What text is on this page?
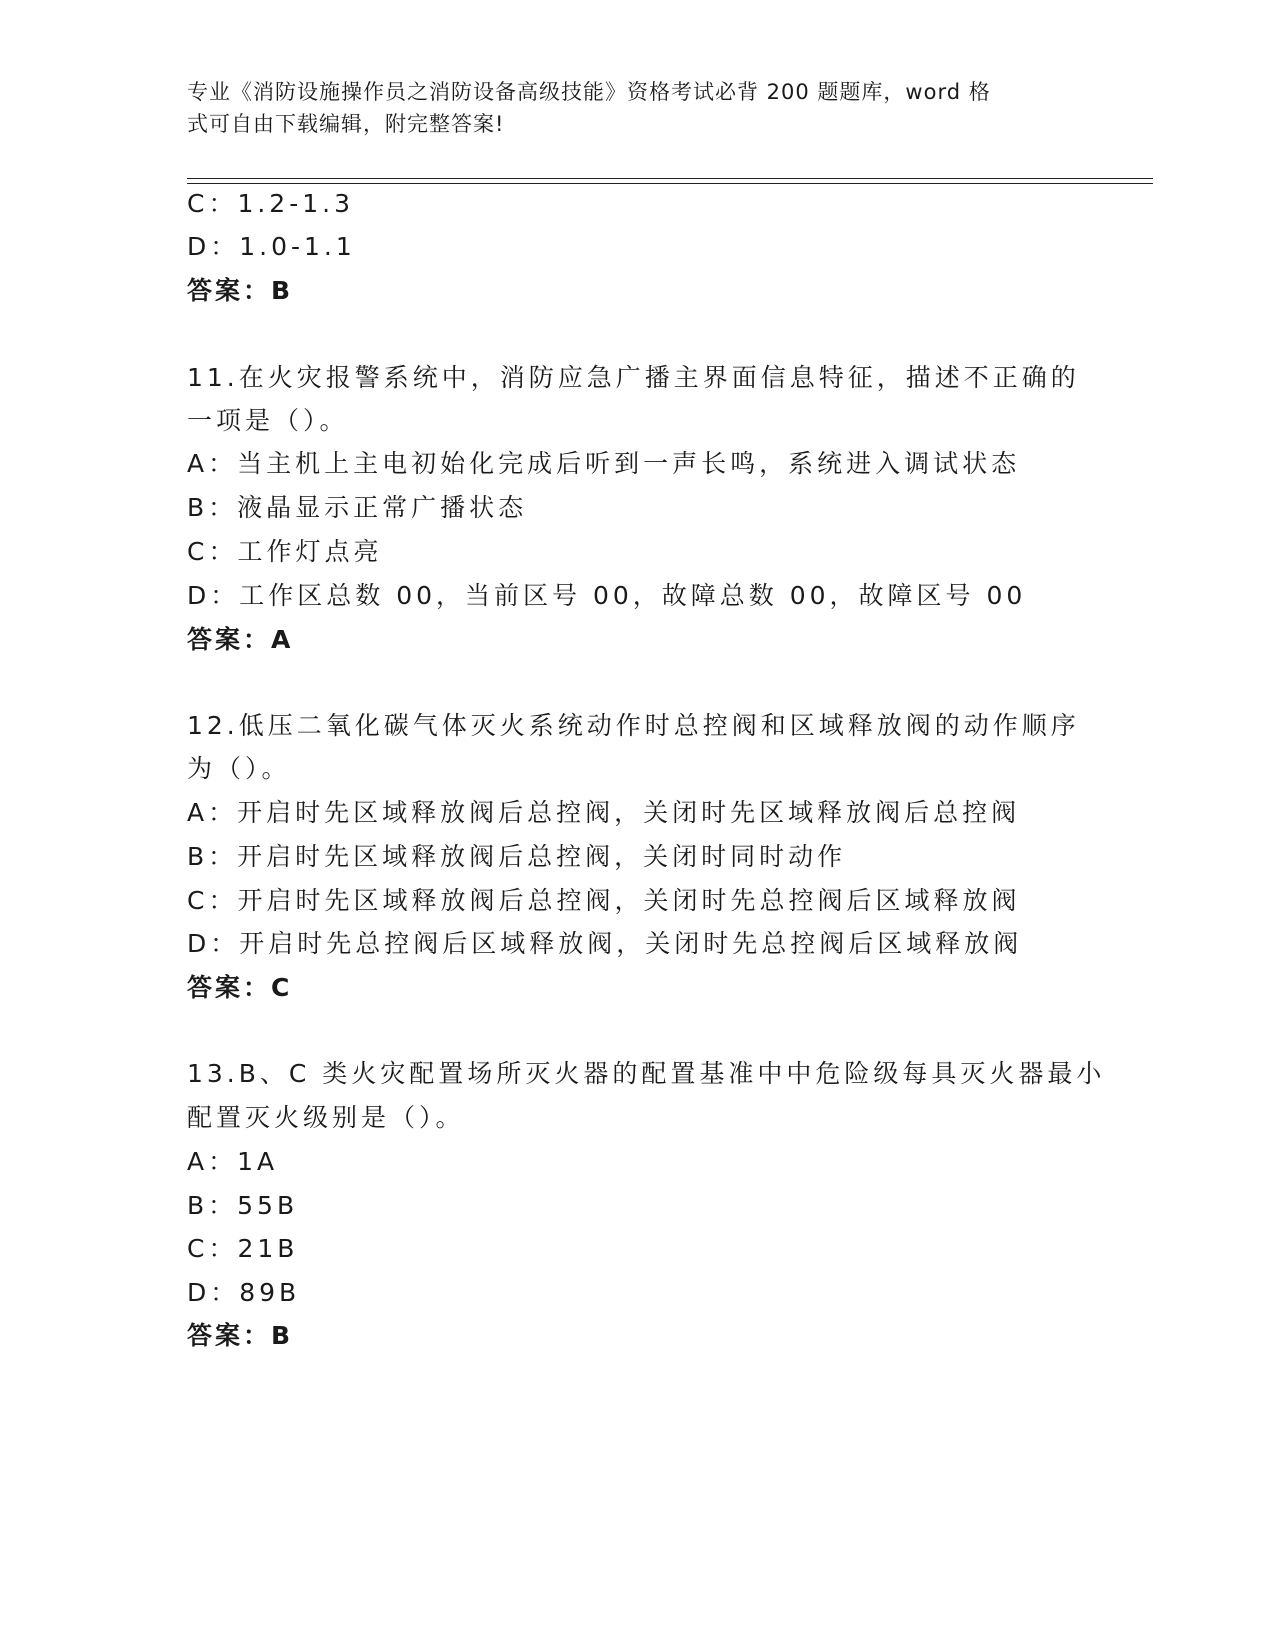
专业《消防设施操作员之消防设备高级技能》资格考试必背 200 题题库，word 格
式可自由下载编辑，附完整答案!
C：1.2-1.3
D：1.0-1.1
答案：B
11.在火灾报警系统中，消防应急广播主界面信息特征，描述不正确的
一项是（）。
A：当主机上主电初始化完成后听到一声长鸣，系统进入调试状态
B：液晶显示正常广播状态
C：工作灯点亮
D：工作区总数 00，当前区号 00，故障总数 00，故障区号 00
答案：A
12.低压二氧化碳气体灭火系统动作时总控阀和区域释放阀的动作顺序
为（）。
A：开启时先区域释放阀后总控阀，关闭时先区域释放阀后总控阀
B：开启时先区域释放阀后总控阀，关闭时同时动作
C：开启时先区域释放阀后总控阀，关闭时先总控阀后区域释放阀
D：开启时先总控阀后区域释放阀，关闭时先总控阀后区域释放阀
答案：C
13.B、C 类火灾配置场所灭火器的配置基准中中危险级每具灭火器最小
配置灭火级别是（）。
A：1A
B：55B
C：21B
D：89B
答案：B
